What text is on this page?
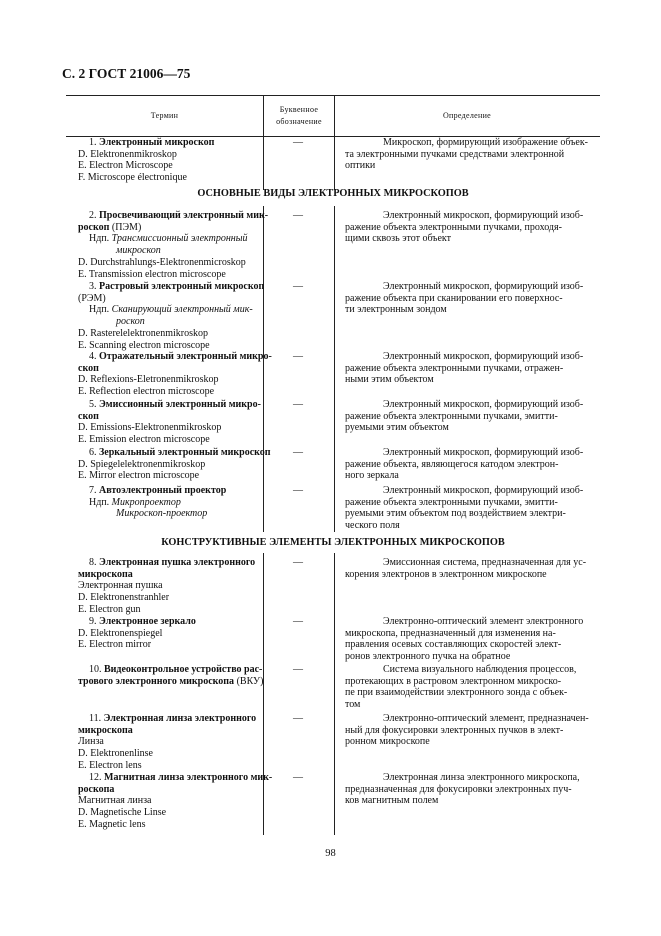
С. 2 ГОСТ 21006—75
Термин
Буквенное
обозначение
Определение
1. Электронный микроскоп
D. Elektronenmikroskop
E. Electron Microscope
F. Microscope électronique
—	Микроскоп, формирующий изображение объек-
та электронными пучками средствами электронной
оптики
ОСНОВНЫЕ ВИДЫ ЭЛЕКТРОННЫХ МИКРОСКОПОВ
2. Просвечивающий электронный мик-
роскоп (ПЭМ)
Ндп. Трансмиссионный электронный
микроскоп
D. Durchstrahlungs-Elektronenmicroskop
E. Transmission electron microscope
—	Электронный микроскоп, формирующий изоб-
ражение объекта электронными пучками, проходя-
щими сквозь этот объект
3. Растровый электронный микроскоп
(РЭМ)
Ндп. Сканирующий электронный мик-
роскоп
D. Rasterelelektronenmikroskop
E. Scanning electron microscope
—	Электронный микроскоп, формирующий изоб-
ражение объекта при сканировании его поверхнос-
ти электронным зондом
4. Отражательный электронный микро-
скоп
D. Reflexions-Eletronenmikroskop
E. Reflection electron microscope
—	Электронный микроскоп, формирующий изоб-
ражение объекта электронными пучками, отражен-
ными этим объектом
5. Эмиссионный электронный микро-
скоп
D. Emissions-Elektronenmikroskop
E. Emission electron microscope
—	Электронный микроскоп, формирующий изоб-
ражение объекта электронными пучками, эмитти-
руемыми этим объектом
6. Зеркальный электронный микроскоп
D. Spiegelelektronenmikroskop
E. Mirror electron microscope
—	Электронный микроскоп, формирующий изоб-
ражение объекта, являющегося катодом электрон-
ного зеркала
7. Автоэлектронный проектор
Ндп. Микропроектор
Микроскоп-проектор
—	Электронный микроскоп, формирующий изоб-
ражение объекта электронными пучками, эмитти-
руемыми этим объектом под воздействием электри-
ческого поля
КОНСТРУКТИВНЫЕ ЭЛЕМЕНТЫ ЭЛЕКТРОННЫХ МИКРОСКОПОВ
8. Электронная пушка электронного
микроскопа
Электронная пушка
D. Elektronenstranhler
E. Electron gun
—	Эмиссионная система, предназначенная для ус-
корения электронов в электронном микроскопе
9. Электронное зеркало
D. Elektronenspiegel
E. Electron mirror
—	Электронно-оптический элемент электронного
микроскопа, предназначенный для изменения на-
правления осевых составляющих скоростей элект-
ронов электронного пучка на обратное
10. Видеоконтрольное устройство рас-
трового электронного микроскопа (ВКУ)
—	Система визуального наблюдения процессов,
протекающих в растровом электронном микроско-
пе при взаимодействии электронного зонда с объек-
том
11. Электронная линза электронного
микроскопа
Линза
D. Elektronenlinse
E. Electron lens
—	Электронно-оптический элемент, предназначен-
ный для фокусировки электронных пучков в элект-
ронном микроскопе
12. Магнитная линза электронного мик-
роскопа
Магнитная линза
D. Magnetische Linse
E. Magnetic lens
—	Электронная линза электронного микроскопа,
предназначенная для фокусировки электронных пуч-
ков магнитным полем
98
